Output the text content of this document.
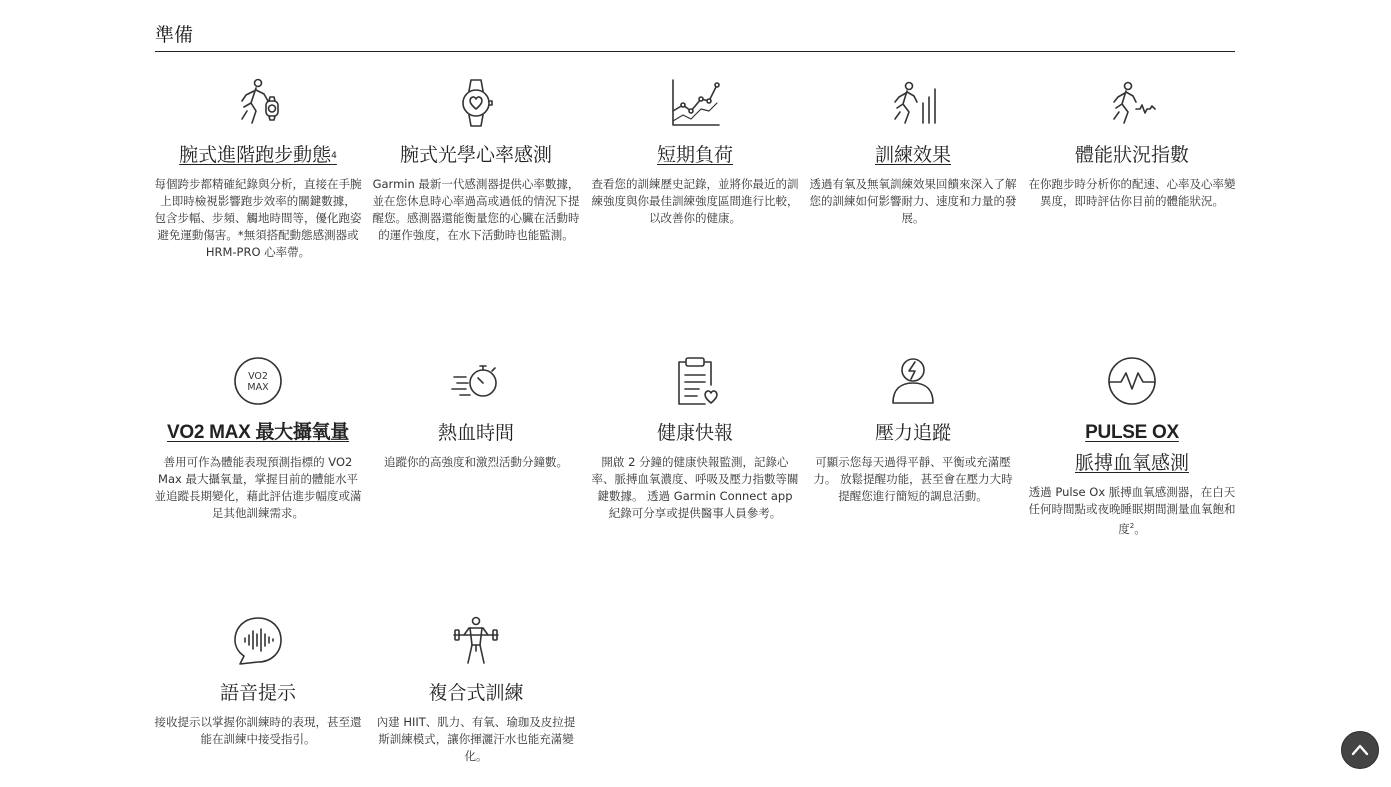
準備
腕式進階跑步動態$^4$

每個跨步都精確紀錄與分析，直接在手腕上即時檢視影響跑步效率的關鍵數據， 包含步幅、步頻、觸地時間等，優化跑姿避免運動傷害。*無須搭配動態感測器或 HRM-PRO 心率帶。

腕式光學心率感測

Garmin 最新一代感測器提供心率數據，並在您休息時心率過高或過低的情況下提醒您。感測器還能衡量您的心臟在活動時的運作強度，在水下活動時也能監測。

短期負荷

查看您的訓練歷史記錄，並將你最近的訓練強度與你最佳訓練強度區間進行比較，以改善你的健康。

訓練效果

透過有氧及無氧訓練效果回饋來深入了解您的訓練如何影響耐力、速度和力量的發展。

體能狀況指數

在你跑步時分析你的配速、心率及心率變異度，即時評估你目前的體能狀況。

VO2
MAX
VO2 MAX 最大攝氧量

善用可作為體能表現預測指標的 VO2 Max 最大攝氧量，掌握目前的體能水平並追蹤長期變化，藉此評估進步幅度或滿足其他訓練需求。

熱血時間

追蹤你的高強度和激烈活動分鐘數。

健康快報

開啟 2 分鐘的健康快報監測，記錄心率、脈搏血氧濃度、呼吸及壓力指數等關鍵數據。 透過 Garmin Connect app 紀錄可分享或提供醫事人員參考。

壓力追蹤

可顯示您每天過得平靜、平衡或充滿壓力。 放鬆提醒功能，甚至會在壓力大時提醒您進行簡短的調息活動。

PULSE OX
脈搏血氧感測

透過 Pulse Ox 脈搏血氧感測器，在白天任何時間點或夜晚睡眠期間測量血氧飽和度$^2$。

語音提示

接收提示以掌握你訓練時的表現，甚至還能在訓練中接受指引。

複合式訓練

內建 HIIT、肌力、有氧、瑜珈及皮拉提斯訓練模式，讓你揮灑汗水也能充滿變化。
